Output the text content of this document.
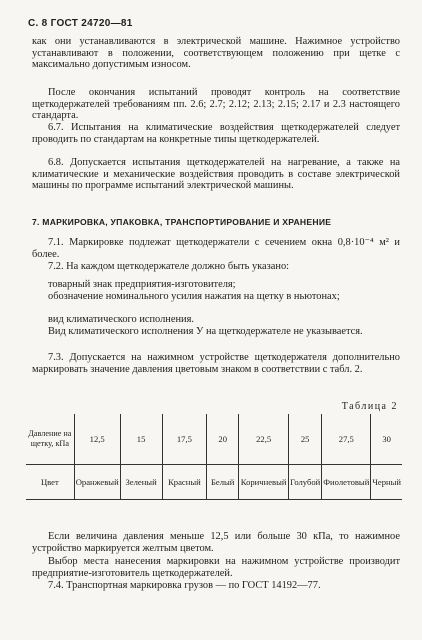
С. 8 ГОСТ 24720—81
как они устанавливаются в электрической машине. Нажимное устройство устанавливают в положении, соответствующем положению при щетке с максимально допустимым износом.
После окончания испытаний проводят контроль на соответствие щеткодержателей требованиям пп. 2.6; 2.7; 2.12; 2.13; 2.15; 2.17 и 2.3 настоящего стандарта.
6.7. Испытания на климатические воздействия щеткодержателей следует проводить по стандартам на конкретные типы щеткодержателей.
6.8. Допускается испытания щеткодержателей на нагревание, а также на климатические и механические воздействия проводить в составе электрической машины по программе испытаний электрической машины.
7. МАРКИРОВКА, УПАКОВКА, ТРАНСПОРТИРОВАНИЕ И ХРАНЕНИЕ
7.1. Маркировке подлежат щеткодержатели с сечением окна 0,8·10⁻⁴ м² и более.
7.2. На каждом щеткодержателе должно быть указано:
товарный знак предприятия-изготовителя;
обозначение номинального усилия нажатия на щетку в ньютонах;
вид климатического исполнения.
Вид климатического исполнения У на щеткодержателе не указывается.
7.3. Допускается на нажимном устройстве щеткодержателя дополнительно маркировать значение давления цветовым знаком в соответствии с табл. 2.
Таблица 2
Давление на щетку, кПа	12,5	15	17,5	20	22,5	25	27,5	30
Цвет	Оранжевый	Зеленый	Красный	Белый	Коричневый	Голубой	Фиолетовый	Черный
Если величина давления меньше 12,5 или больше 30 кПа, то нажимное устройство маркируется желтым цветом.
Выбор места нанесения маркировки на нажимном устройстве производит предприятие-изготовитель щеткодержателей.
7.4. Транспортная маркировка грузов — по ГОСТ 14192—77.
